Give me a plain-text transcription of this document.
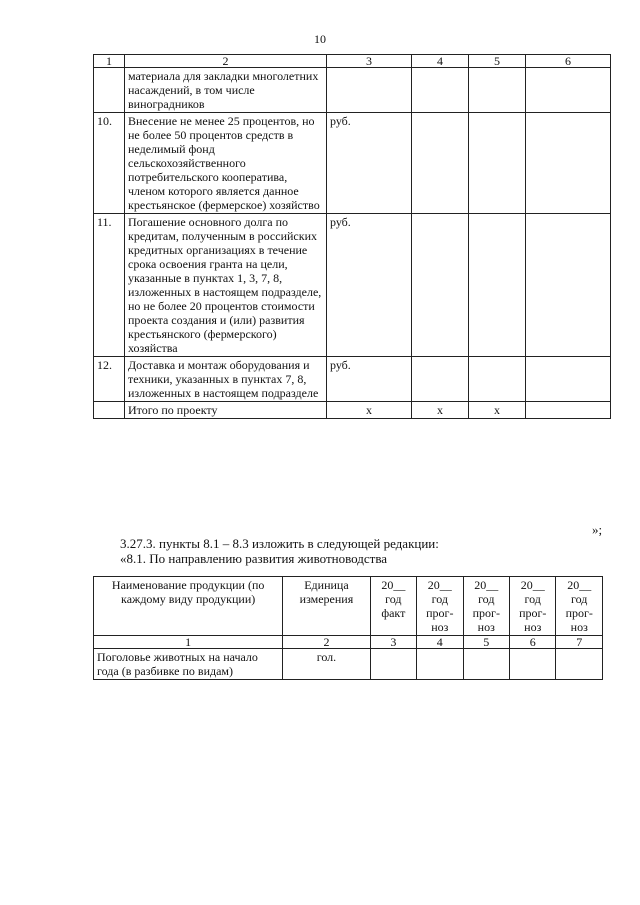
10
1	2	3	4	5	6
	материала для закладки многолетних насаждений, в том числе виноградников				
10.	Внесение не менее 25 процентов, но не более 50 процентов средств в неделимый фонд сельскохозяйственного потребительского кооператива, членом которого является данное крестьянское (фермерское) хозяйство	руб.			
11.	Погашение основного долга по кредитам, полученным в российских кредитных организациях в течение срока освоения гранта на цели, указанные в пунктах 1, 3, 7, 8, изложенных в настоящем подразделе, но не более 20 процентов стоимости проекта создания и (или) развития крестьянского (фермерского) хозяйства	руб.			
12.	Доставка и монтаж оборудования и техники, указанных в пунктах 7, 8, изложенных в настоящем подразделе	руб.			
	Итого по проекту	х	х	х	
»;
3.27.3. пункты 8.1 – 8.3 изложить в следующей редакции:
«8.1. По направлению развития животноводства
Наименование продукции (по каждому виду продукции)	Единица измерения	20__ год факт	20__ год прог-ноз	20__ год прог-ноз	20__ год прог-ноз	20__ год прог-ноз
1	2	3	4	5	6	7
Поголовье животных на начало года (в разбивке по видам)	гол.					
